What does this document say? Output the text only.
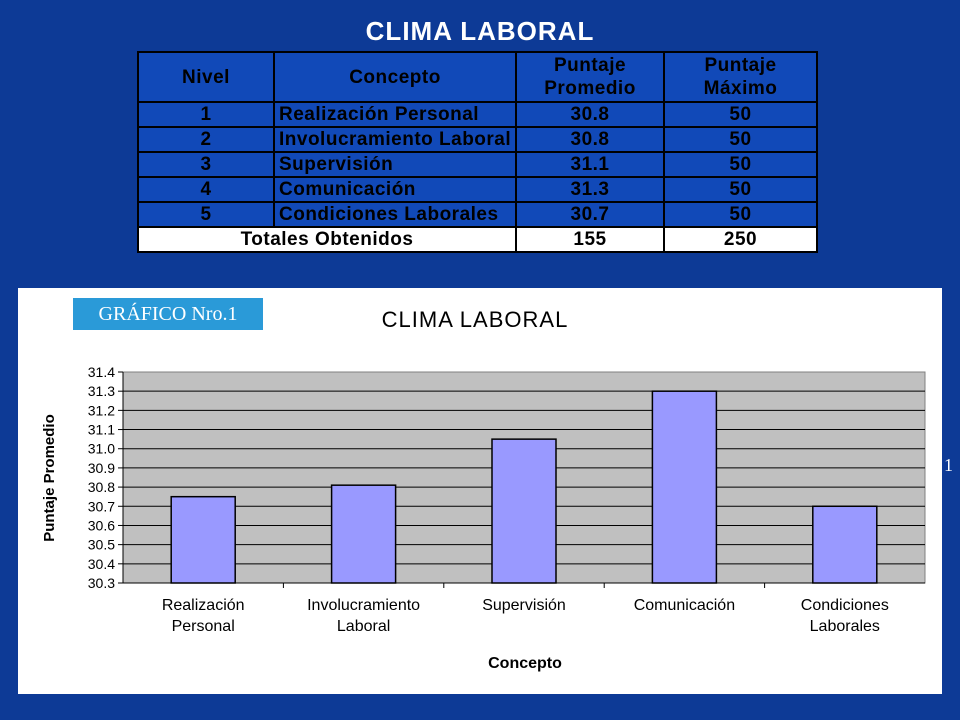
CLIMA LABORAL
Nivel	Concepto	Puntaje Promedio	Puntaje Máximo
1	Realización Personal	30.8	50
2	Involucramiento Laboral	30.8	50
3	Supervisión	31.1	50
4	Comunicación	31.3	50
5	Condiciones Laborales	30.7	50
Totales Obtenidos		155	250
CLIMA LABORAL
30.3
30.4
30.5
30.6
30.7
30.8
30.9
31.0
31.1
31.2
31.3
31.4
Realización
Personal
Involucramiento
Laboral
Supervisión	Comunicación	Condiciones
Laborales
Puntaje Promedio
Concepto
GRÁFICO Nro.1
1
